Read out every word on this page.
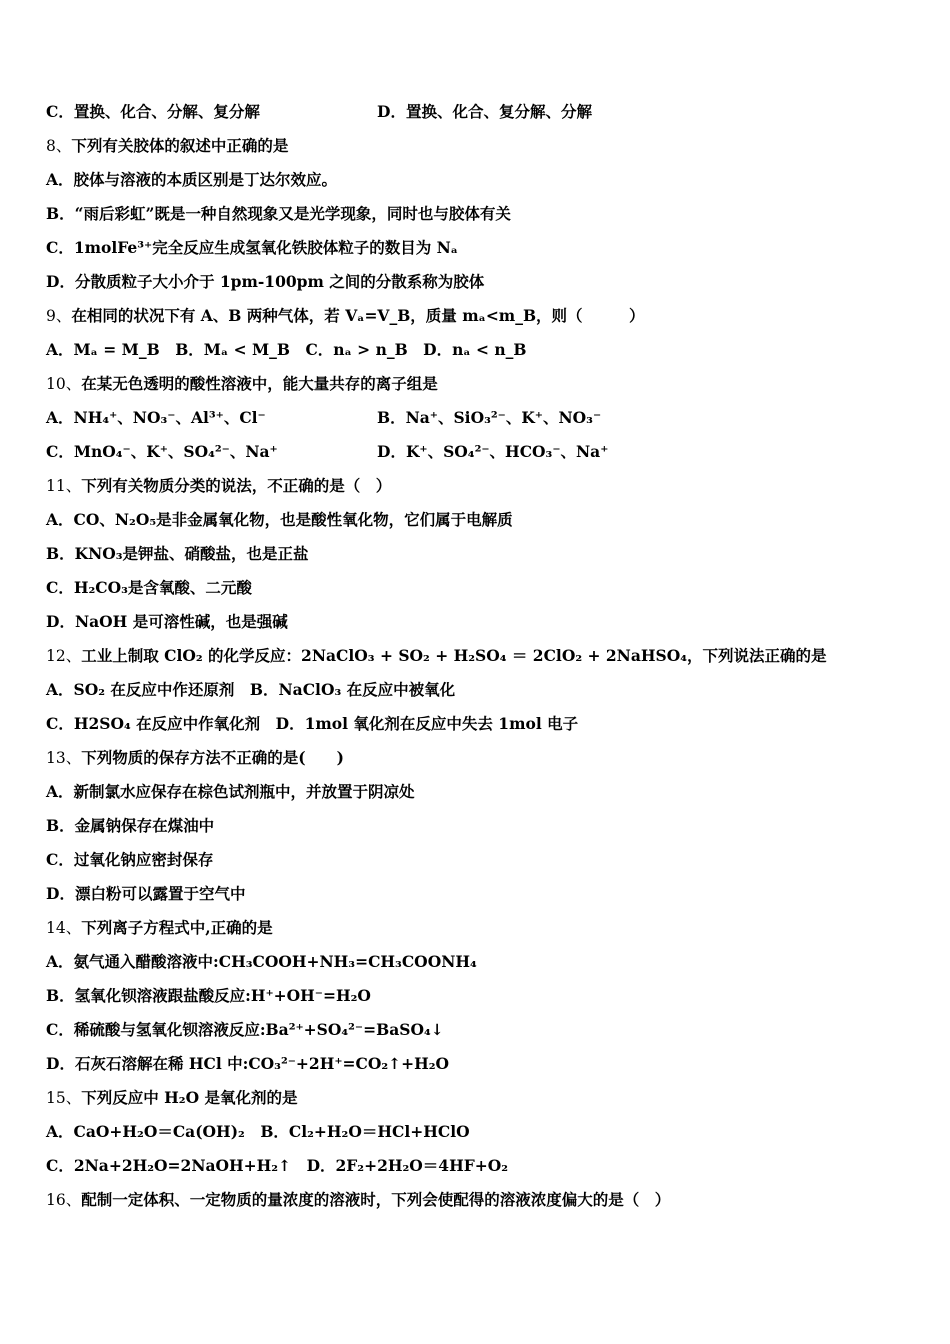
C．置换、化合、分解、复分解	D．置换、化合、复分解、分解
8、下列有关胶体的叙述中正确的是
A．胶体与溶液的本质区别是丁达尔效应。
B．“雨后彩虹”既是一种自然现象又是光学现象，同时也与胶体有关
C．1molFe³⁺完全反应生成氢氧化铁胶体粒子的数目为 Nₐ
D．分散质粒子大小介于 1pm-100pm 之间的分散系称为胶体
9、在相同的状况下有 A、B 两种气体，若 Vₐ=V_B，质量 mₐ<m_B，则（　　　）
A．Mₐ = M_B　B．Mₐ < M_B　C．nₐ > n_B　D．nₐ < n_B
10、在某无色透明的酸性溶液中，能大量共存的离子组是
A．NH₄⁺、NO₃⁻、Al³⁺、Cl⁻	B．Na⁺、SiO₃²⁻、K⁺、NO₃⁻
C．MnO₄⁻、K⁺、SO₄²⁻、Na⁺	D．K⁺、SO₄²⁻、HCO₃⁻、Na⁺
11、下列有关物质分类的说法，不正确的是（　）
A．CO、N₂O₅是非金属氧化物，也是酸性氧化物，它们属于电解质
B．KNO₃是钾盐、硝酸盐，也是正盐
C．H₂CO₃是含氧酸、二元酸
D．NaOH 是可溶性碱，也是强碱
12、工业上制取 ClO₂ 的化学反应：2NaClO₃ + SO₂ + H₂SO₄ ＝ 2ClO₂ + 2NaHSO₄，下列说法正确的是
A．SO₂ 在反应中作还原剂　B．NaClO₃ 在反应中被氧化
C．H2SO₄ 在反应中作氧化剂　D．1mol 氧化剂在反应中失去 1mol 电子
13、下列物质的保存方法不正确的是(　　)
A．新制氯水应保存在棕色试剂瓶中，并放置于阴凉处
B．金属钠保存在煤油中
C．过氧化钠应密封保存
D．漂白粉可以露置于空气中
14、下列离子方程式中,正确的是
A．氨气通入醋酸溶液中:CH₃COOH+NH₃=CH₃COONH₄
B．氢氧化钡溶液跟盐酸反应:H⁺+OH⁻=H₂O
C．稀硫酸与氢氧化钡溶液反应:Ba²⁺+SO₄²⁻=BaSO₄↓
D．石灰石溶解在稀 HCl 中:CO₃²⁻+2H⁺=CO₂↑+H₂O
15、下列反应中 H₂O 是氧化剂的是
A．CaO+H₂O＝Ca(OH)₂　B．Cl₂+H₂O＝HCl+HClO
C．2Na+2H₂O=2NaOH+H₂↑　D．2F₂+2H₂O＝4HF+O₂
16、配制一定体积、一定物质的量浓度的溶液时，下列会使配得的溶液浓度偏大的是（　）
